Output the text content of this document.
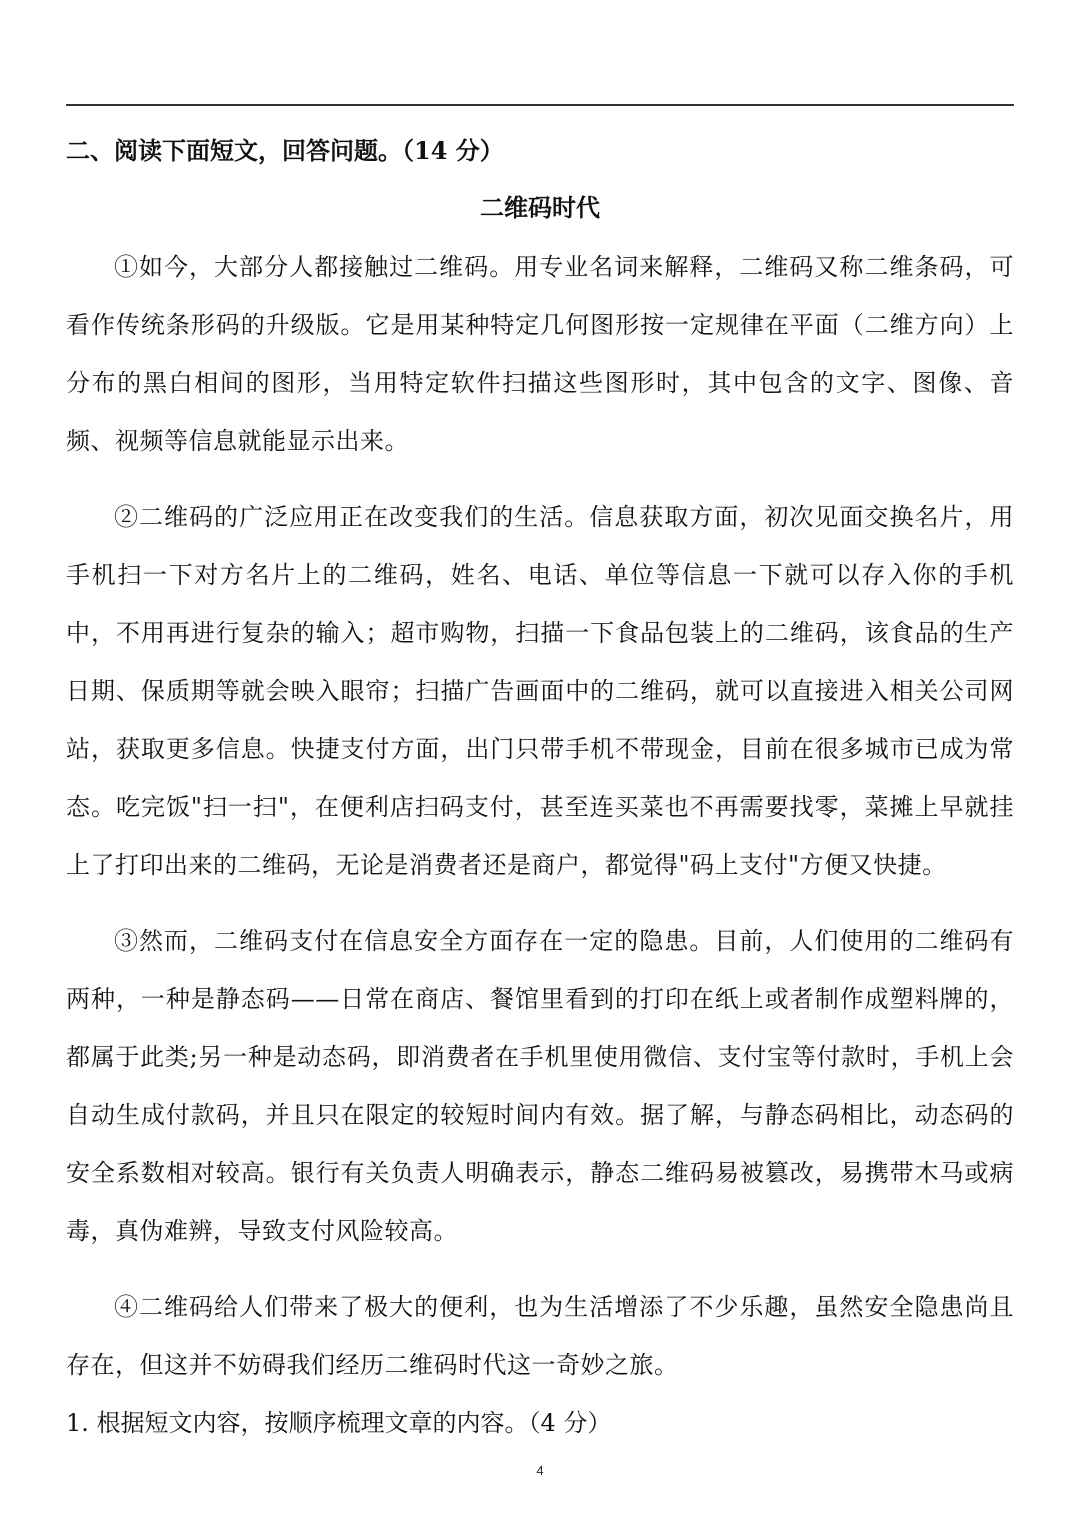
二、阅读下面短文，回答问题。（14 分）
二维码时代

①如今，大部分人都接触过二维码。用专业名词来解释，二维码又称二维条码，可看作传统条形码的升级版。它是用某种特定几何图形按一定规律在平面（二维方向）上分布的黑白相间的图形，当用特定软件扫描这些图形时，其中包含的文字、图像、音频、视频等信息就能显示出来。

②二维码的广泛应用正在改变我们的生活。信息获取方面，初次见面交换名片，用手机扫一下对方名片上的二维码，姓名、电话、单位等信息一下就可以存入你的手机中，不用再进行复杂的输入；超市购物，扫描一下食品包装上的二维码，该食品的生产日期、保质期等就会映入眼帘；扫描广告画面中的二维码，就可以直接进入相关公司网站，获取更多信息。快捷支付方面，出门只带手机不带现金，目前在很多城市已成为常态。吃完饭"扫一扫"，在便利店扫码支付，甚至连买菜也不再需要找零，菜摊上早就挂上了打印出来的二维码，无论是消费者还是商户，都觉得"码上支付"方便又快捷。

③然而，二维码支付在信息安全方面存在一定的隐患。目前，人们使用的二维码有两种，一种是静态码——日常在商店、餐馆里看到的打印在纸上或者制作成塑料牌的，都属于此类;另一种是动态码，即消费者在手机里使用微信、支付宝等付款时，手机上会自动生成付款码，并且只在限定的较短时间内有效。据了解，与静态码相比，动态码的安全系数相对较高。银行有关负责人明确表示，静态二维码易被篡改，易携带木马或病毒，真伪难辨，导致支付风险较高。

④二维码给人们带来了极大的便利，也为生活增添了不少乐趣，虽然安全隐患尚且存在，但这并不妨碍我们经历二维码时代这一奇妙之旅。

1. 根据短文内容，按顺序梳理文章的内容。（4 分）
4
